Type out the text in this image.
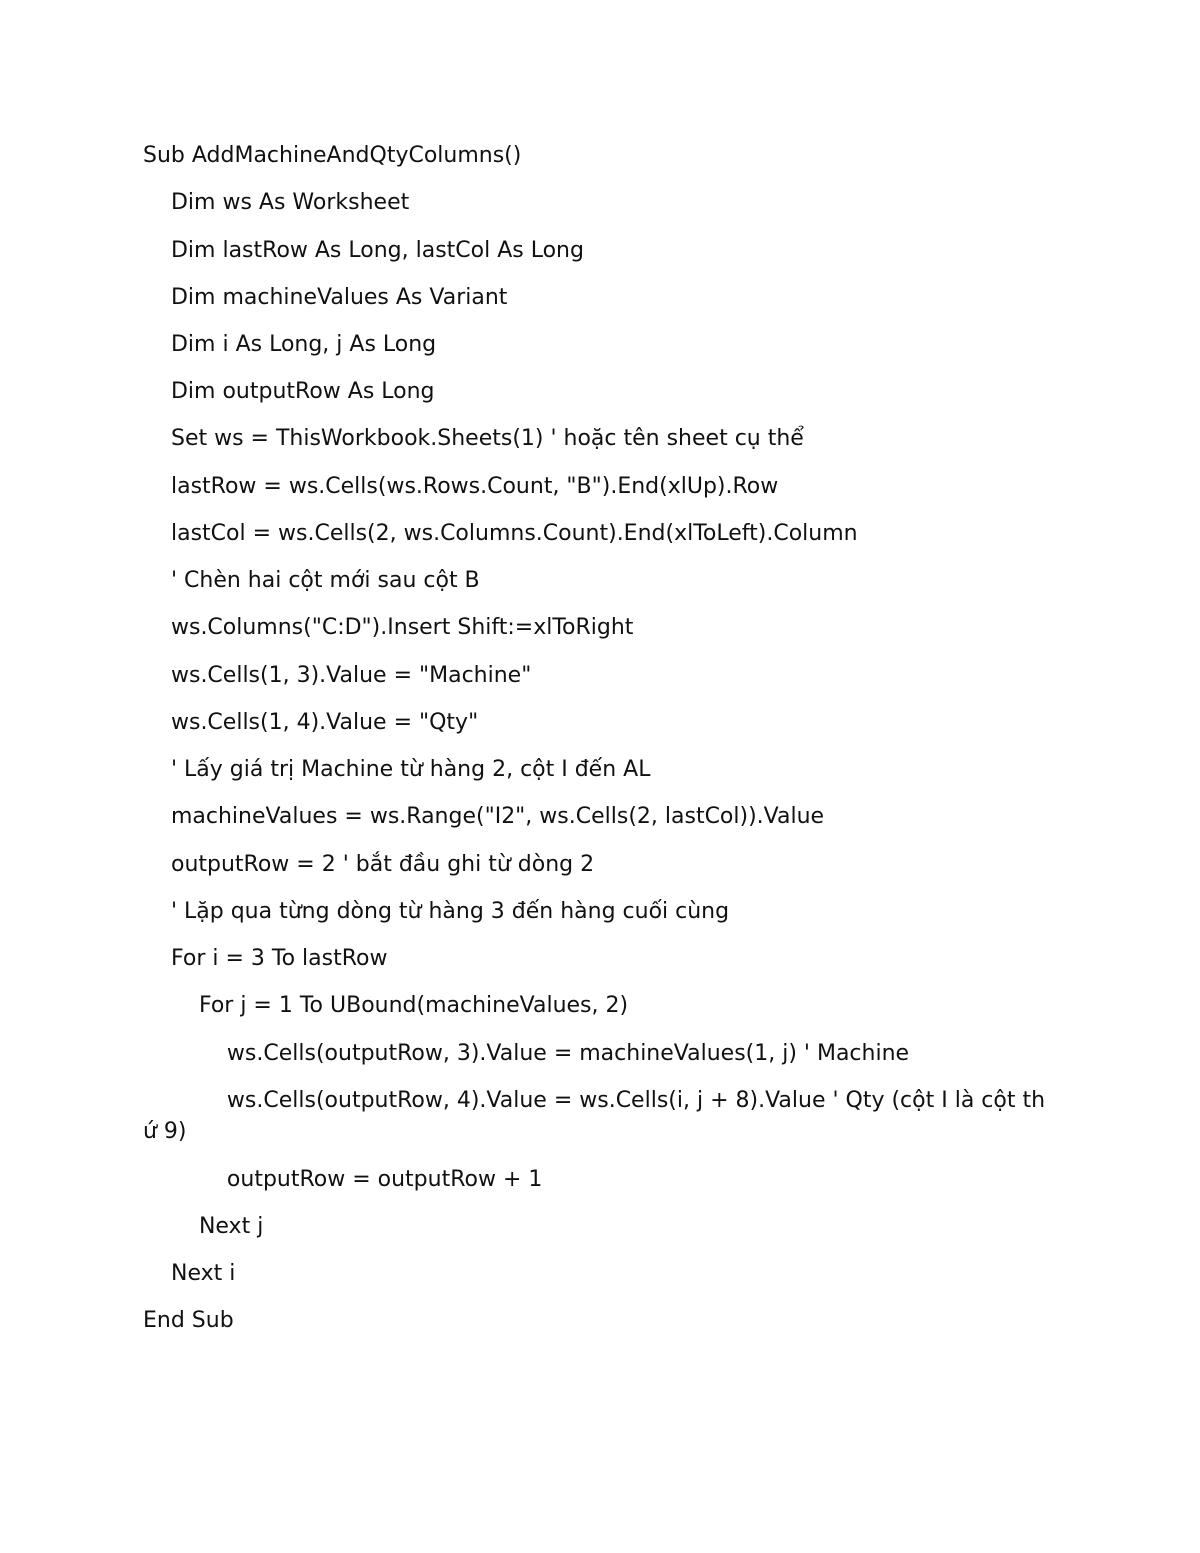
Sub AddMachineAndQtyColumns()

Dim ws As Worksheet

Dim lastRow As Long, lastCol As Long

Dim machineValues As Variant

Dim i As Long, j As Long

Dim outputRow As Long

Set ws = ThisWorkbook.Sheets(1) ' hoặc tên sheet cụ thể

lastRow = ws.Cells(ws.Rows.Count, "B").End(xlUp).Row

lastCol = ws.Cells(2, ws.Columns.Count).End(xlToLeft).Column

' Chèn hai cột mới sau cột B

ws.Columns("C:D").Insert Shift:=xlToRight

ws.Cells(1, 3).Value = "Machine"

ws.Cells(1, 4).Value = "Qty"

' Lấy giá trị Machine từ hàng 2, cột I đến AL

machineValues = ws.Range("I2", ws.Cells(2, lastCol)).Value

outputRow = 2 ' bắt đầu ghi từ dòng 2

' Lặp qua từng dòng từ hàng 3 đến hàng cuối cùng

For i = 3 To lastRow

For j = 1 To UBound(machineValues, 2)

ws.Cells(outputRow, 3).Value = machineValues(1, j) ' Machine

ws.Cells(outputRow, 4).Value = ws.Cells(i, j + 8).Value ' Qty (cột I là cột thứ 9)

outputRow = outputRow + 1

Next j

Next i

End Sub
